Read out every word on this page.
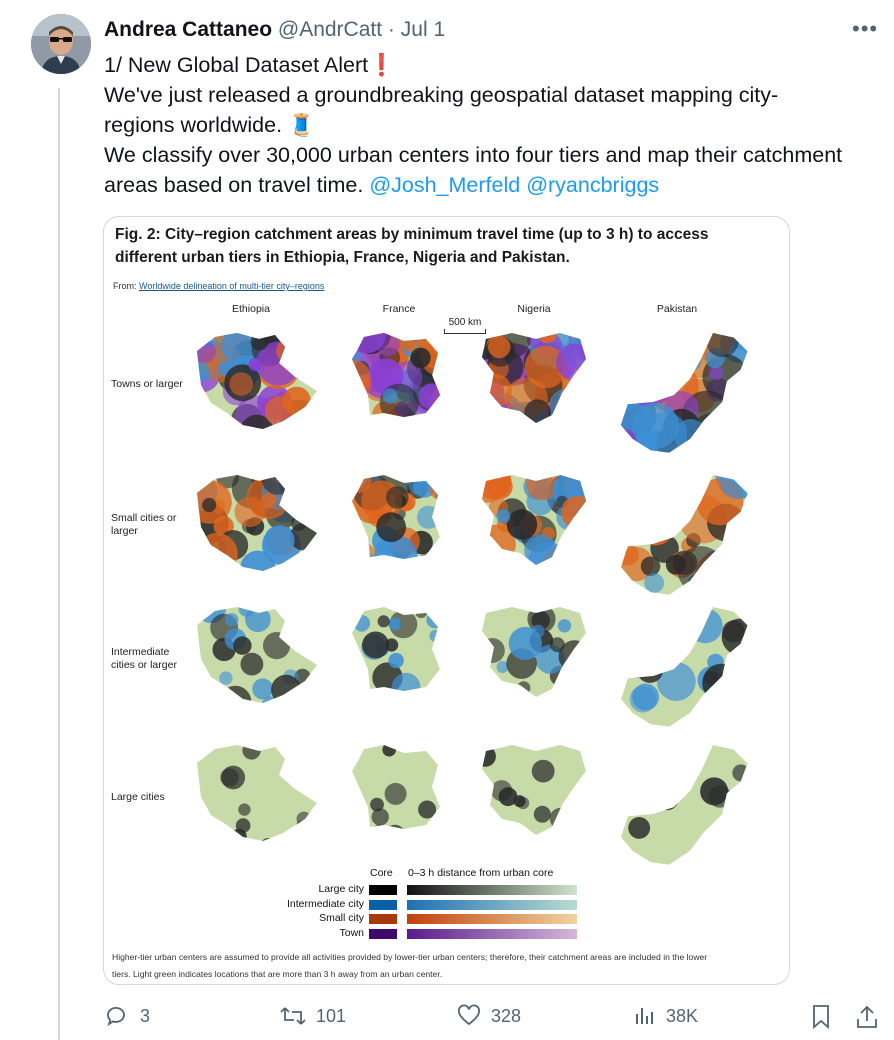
Andrea Cattaneo @AndrCatt · Jul 1	•••
1/ New Global Dataset Alert❗
We've just released a groundbreaking geospatial dataset mapping city-
regions worldwide. 🧵
We classify over 30,000 urban centers into four tiers and map their catchment
areas based on travel time. @Josh_Merfeld @ryancbriggs
Fig. 2: City–region catchment areas by minimum travel time (up to 3 h) to access
different urban tiers in Ethiopia, France, Nigeria and Pakistan.
From: Worldwide delineation of multi-tier city–regions
Ethiopia	France	Nigeria	Pakistan
500 km
Towns or larger
Small cities or larger
Intermediate cities or larger
Large cities
Core 0–3 h distance from urban core
Large city
Intermediate city
Small city
Town
Higher-tier urban centers are assumed to provide all activities provided by lower-tier urban centers; therefore, their catchment areas are included in the lower
tiers. Light green indicates locations that are more than 3 h away from an urban center.
3	101	328	38K
